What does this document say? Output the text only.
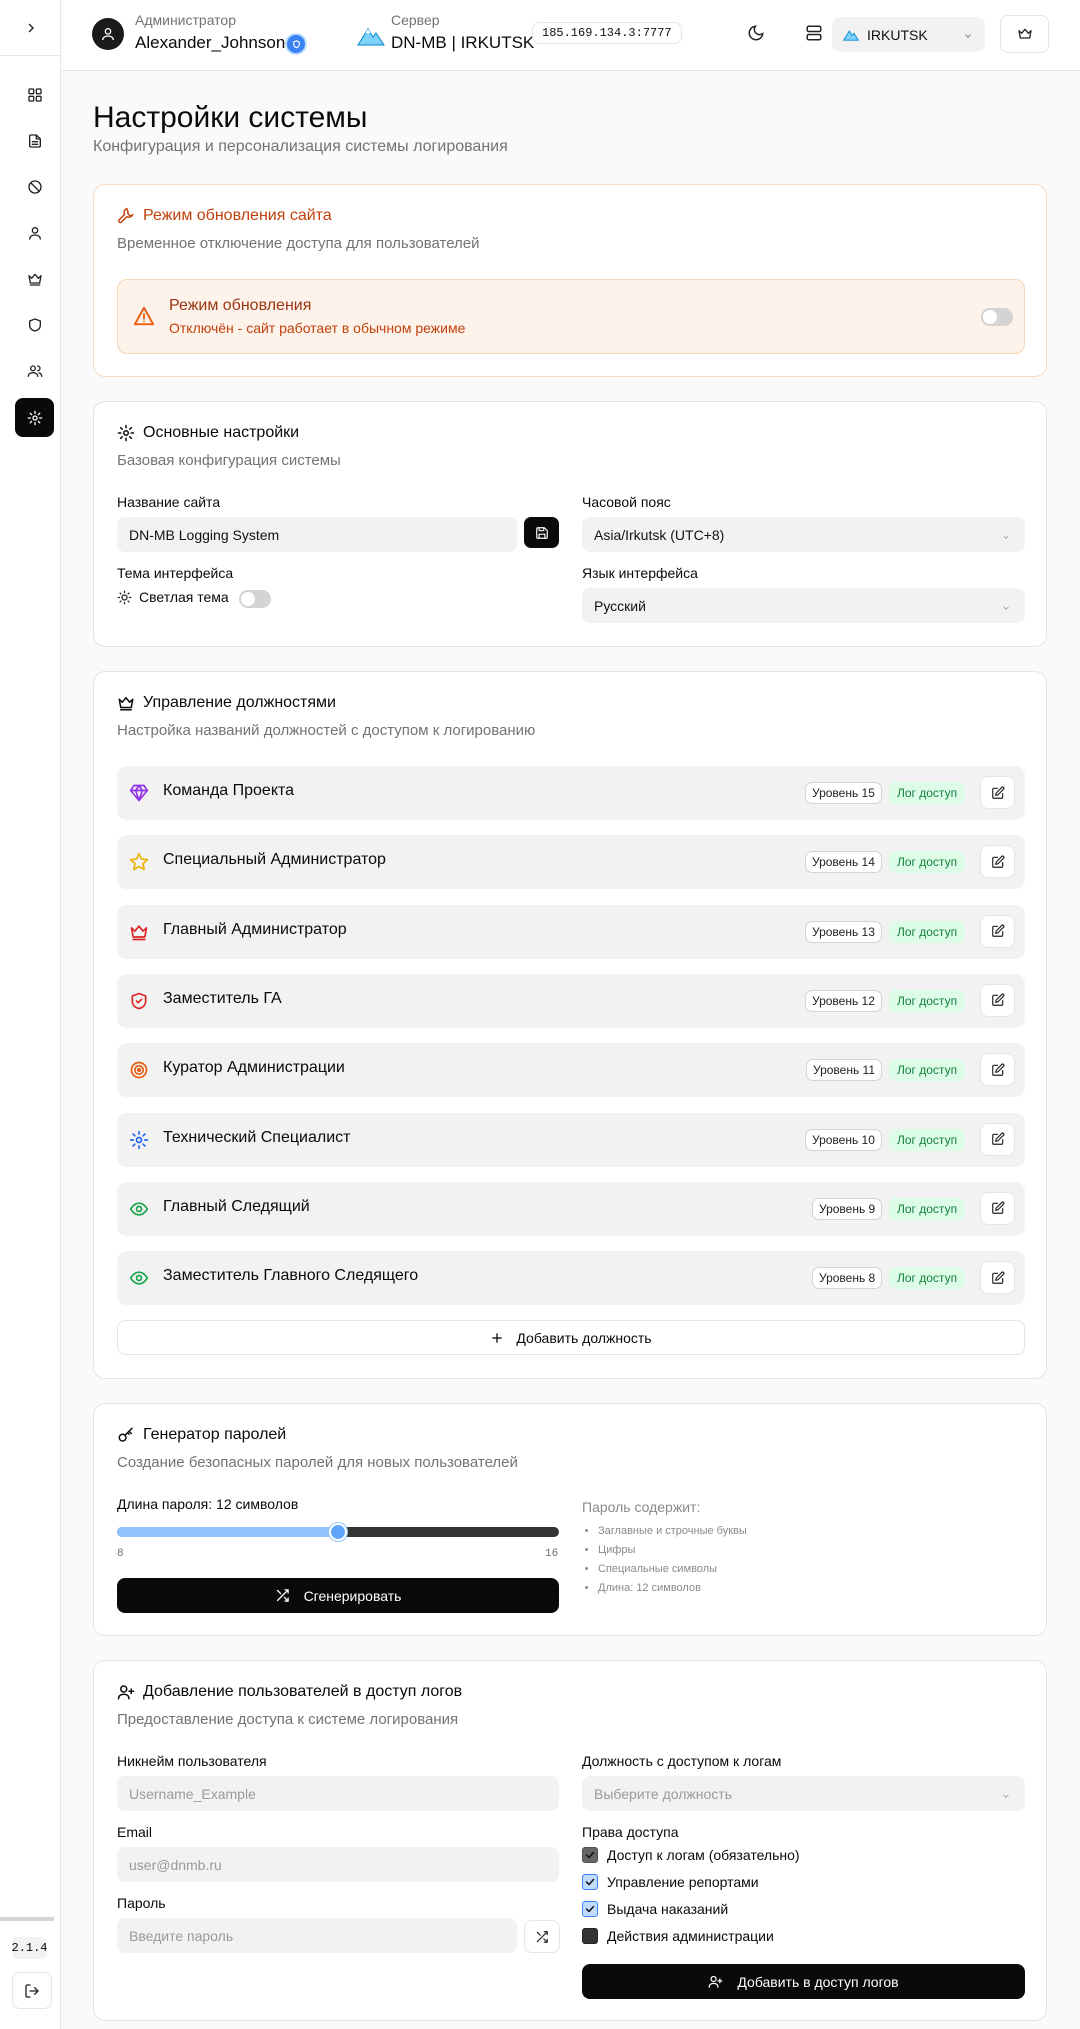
2.1.4
Администратор
Alexander_Johnson
Сервер
DN-MB | IRKUTSK 185.169.134.3:7777	IRKUTSK
Настройки системы

Конфигурация и персонализация системы логирования

Режим обновления сайта

Временное отключение доступа для пользователей

Режим обновления
Отключён - сайт работает в обычном режиме
Основные настройки

Базовая конфигурация системы

Название сайта
DN-MB Logging System
Часовой пояс
Asia/Irkutsk (UTC+8)
Тема интерфейса
Светлая тема
Язык интерфейса
Русский
Управление должностями

Настройка названий должностей с доступом к логированию

Команда Проекта	Уровень 15	Лог доступ
Специальный Администратор	Уровень 14	Лог доступ
Главный Администратор	Уровень 13	Лог доступ
Заместитель ГА	Уровень 12	Лог доступ
Куратор Администрации	Уровень 11	Лог доступ
Технический Специалист	Уровень 10	Лог доступ
Главный Следящий	Уровень 9	Лог доступ
Заместитель Главного Следящего	Уровень 8	Лог доступ
Добавить должность
Генератор паролей

Создание безопасных паролей для новых пользователей

Длина пароля: 12 символов
8	16
Сгенерировать
Пароль содержит:
• Заглавные и строчные буквы
• Цифры
• Специальные символы
• Длина: 12 символов
Добавление пользователей в доступ логов

Предоставление доступа к системе логирования

Никнейм пользователя
Username_Example
Email
user@dnmb.ru
Пароль
Введите пароль
Должность с доступом к логам
Выберите должность
Права доступа
Доступ к логам (обязательно)
Управление репортами
Выдача наказаний
Действия администрации
Добавить в доступ логов
